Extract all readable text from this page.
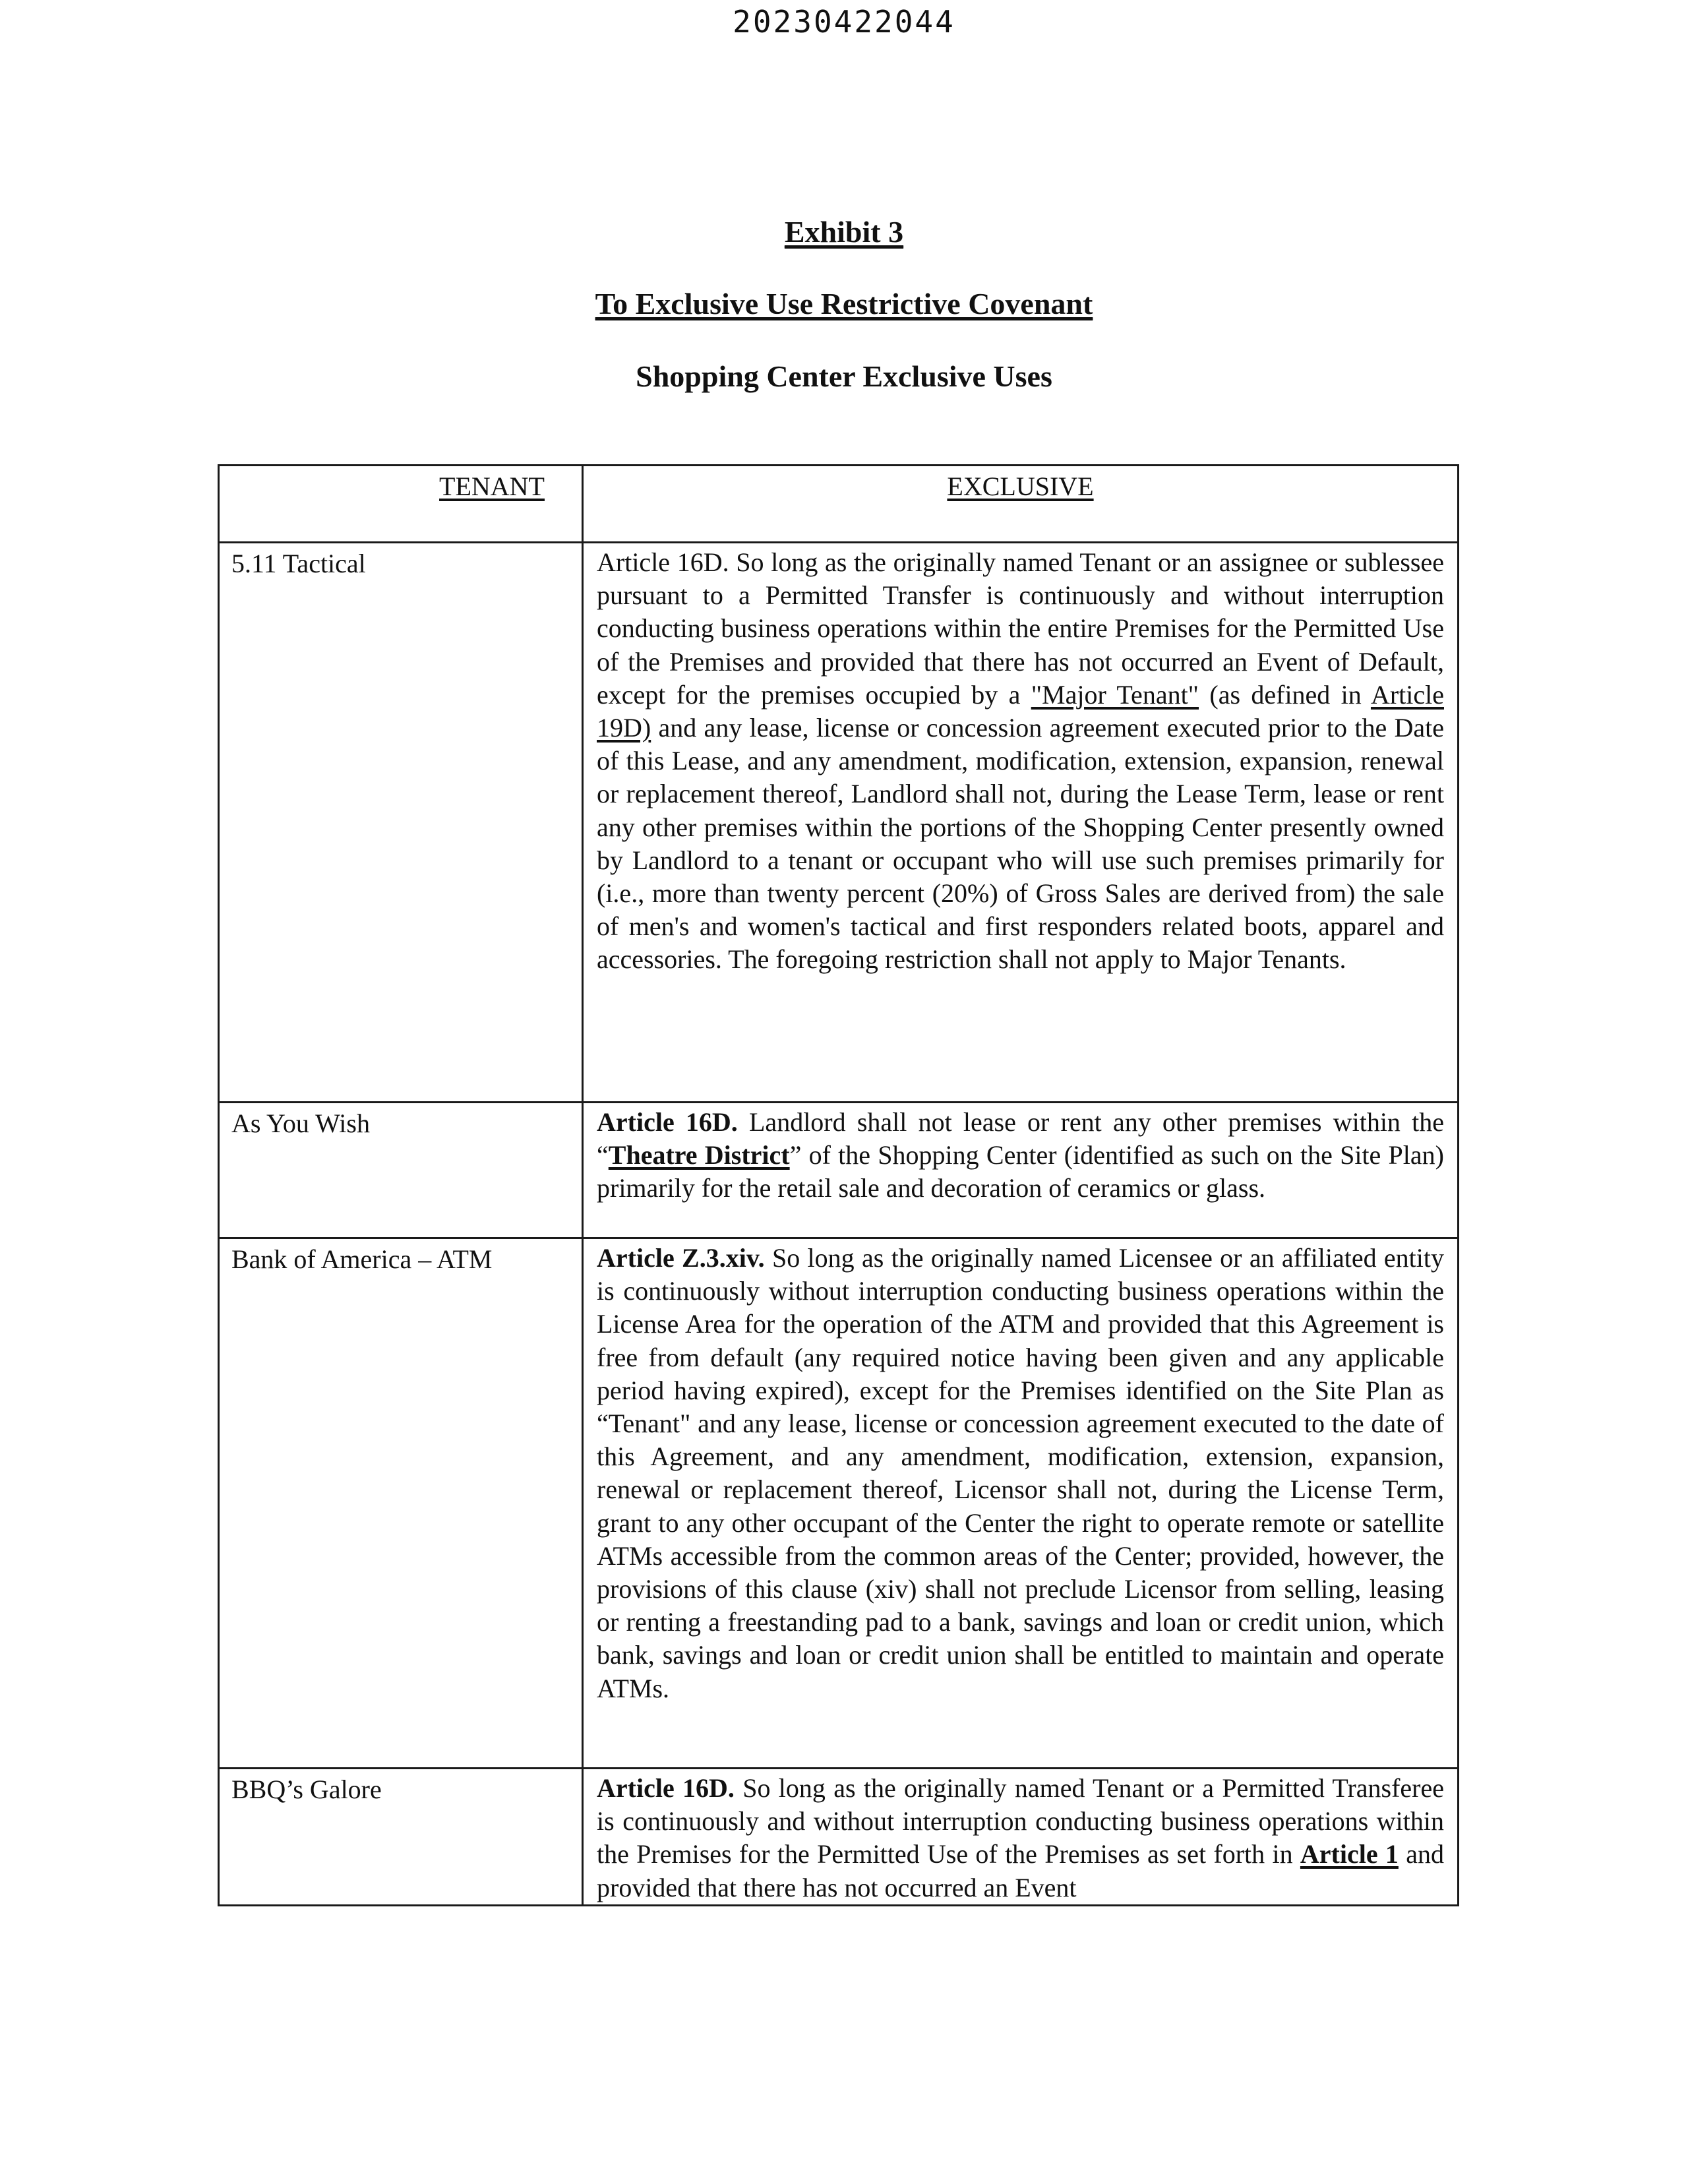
20230422044
Exhibit 3
To Exclusive Use Restrictive Covenant
Shopping Center Exclusive Uses
TENANT	EXCLUSIVE
5.11 Tactical	Article 16D. So long as the originally named Tenant or an assignee or sublessee pursuant to a Permitted Transfer is continuously and without interruption conducting business operations within the entire Premises for the Permitted Use of the Premises and provided that there has not occurred an Event of Default, except for the premises occupied by a "Major Tenant" (as defined in Article 19D) and any lease, license or concession agreement executed prior to the Date of this Lease, and any amendment, modification, extension, expansion, renewal or replacement thereof, Landlord shall not, during the Lease Term, lease or rent any other premises within the portions of the Shopping Center presently owned by Landlord to a tenant or occupant who will use such premises primarily for (i.e., more than twenty percent (20%) of Gross Sales are derived from) the sale of men's and women's tactical and first responders related boots, apparel and accessories. The foregoing restriction shall not apply to Major Tenants.
As You Wish	Article 16D. Landlord shall not lease or rent any other premises within the “Theatre District” of the Shopping Center (identified as such on the Site Plan) primarily for the retail sale and decoration of ceramics or glass.
Bank of America – ATM	Article Z.3.xiv. So long as the originally named Licensee or an affiliated entity is continuously without interruption conducting business operations within the License Area for the operation of the ATM and provided that this Agreement is free from default (any required notice having been given and any applicable period having expired), except for the Premises identified on the Site Plan as “Tenant" and any lease, license or concession agreement executed to the date of this Agreement, and any amendment, modification, extension, expansion, renewal or replacement thereof, Licensor shall not, during the License Term, grant to any other occupant of the Center the right to operate remote or satellite ATMs accessible from the common areas of the Center; provided, however, the provisions of this clause (xiv) shall not preclude Licensor from selling, leasing or renting a freestanding pad to a bank, savings and loan or credit union, which bank, savings and loan or credit union shall be entitled to maintain and operate ATMs.
BBQ’s Galore	Article 16D. So long as the originally named Tenant or a Permitted Transferee is continuously and without interruption conducting business operations within the Premises for the Permitted Use of the Premises as set forth in Article 1 and provided that there has not occurred an Event
